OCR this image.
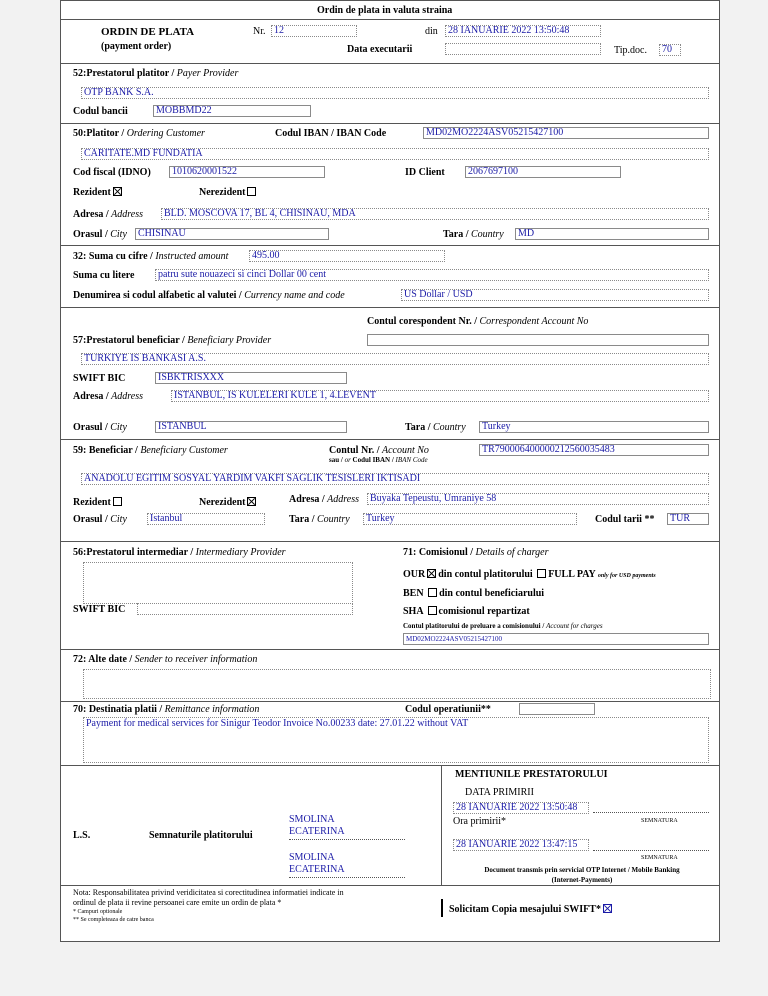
Ordin de plata in valuta straina
ORDIN DE PLATA
(payment order)
Nr. 12	din	28 IANUARIE 2022 13:50:48
Data executarii	Tip.doc.	70
52:Prestatorul platitor / Payer Provider
OTP BANK S.A.
Codul bancii	MOBBMD22
50:Platitor / Ordering Customer	Codul IBAN / IBAN Code	MD02MO2224ASV05215427100
CARITATE.MD FUNDATIA
Cod fiscal (IDNO)	1010620001522	ID Client	2067697100
Rezident	Nerezident
Adresa / Address	BLD. MOSCOVA 17, BL 4, CHISINAU, MDA
Orasul / City	CHISINAU	Tara / Country	MD
32: Suma cu cifre / Instructed amount	495.00
Suma cu litere	patru sute nouazeci si cinci Dollar 00 cent
Denumirea si codul alfabetic al valutei / Currency name and code	US Dollar / USD
Contul corespondent Nr. / Correspondent Account No
57:Prestatorul beneficiar / Beneficiary Provider
TURKIYE IS BANKASI A.S.
SWIFT BIC	ISBKTRISXXX
Adresa / Address	ISTANBUL, IS KULELERI KULE 1, 4.LEVENT
Orasul / City	ISTANBUL	Tara / Country	Turkey
59: Beneficiar / Beneficiary Customer	Contul Nr. / Account No
sau / or Codul IBAN / IBAN Code
TR790006400000212560035483
ANADOLU EGITIM SOSYAL YARDIM VAKFI SAGLIK TESISLERI IKTISADI
Rezident	Nerezident	Adresa / Address	Buyaka Tepeustu, Umraniye 58
Orasul / City	Istanbul	Tara / Country	Turkey	Codul tarii **	TUR
56:Prestatorul intermediar / Intermediary Provider
SWIFT BIC
71: Comisionul / Details of charger
OUR din contul platitorului FULL PAY only for USD payments
BEN din contul beneficiarului
SHA comisionul repartizat
Contul platitorului de preluare a comisionului / Account for charges
MD02MO2224ASV05215427100
72: Alte date / Sender to receiver information
70: Destinatia platii / Remittance information	Codul operatiunii**
Payment for medical services for Sinigur Teodor Invoice No.00233 date: 27.01.22 without VAT
L.S.	Semnaturile platitorului
SMOLINA
ECATERINA
SMOLINA
ECATERINA
MENTIUNILE PRESTATORULUI
DATA PRIMIRII
28 IANUARIE 2022 13:50:48
Ora primirii*	SEMNATURA
28 IANUARIE 2022 13:47:15
SEMNATURA
Document transmis prin servicial OTP Internet / Mobile Banking
(Internet-Payments)
Nota: Responsabilitatea privind veridicitatea si corectitudinea informatiei indicate in
ordinul de plata ii revine persoanei care emite un ordin de plata *
* Campuri optionale
** Se completeaza de catre banca
Solicitam Copia mesajului SWIFT*
